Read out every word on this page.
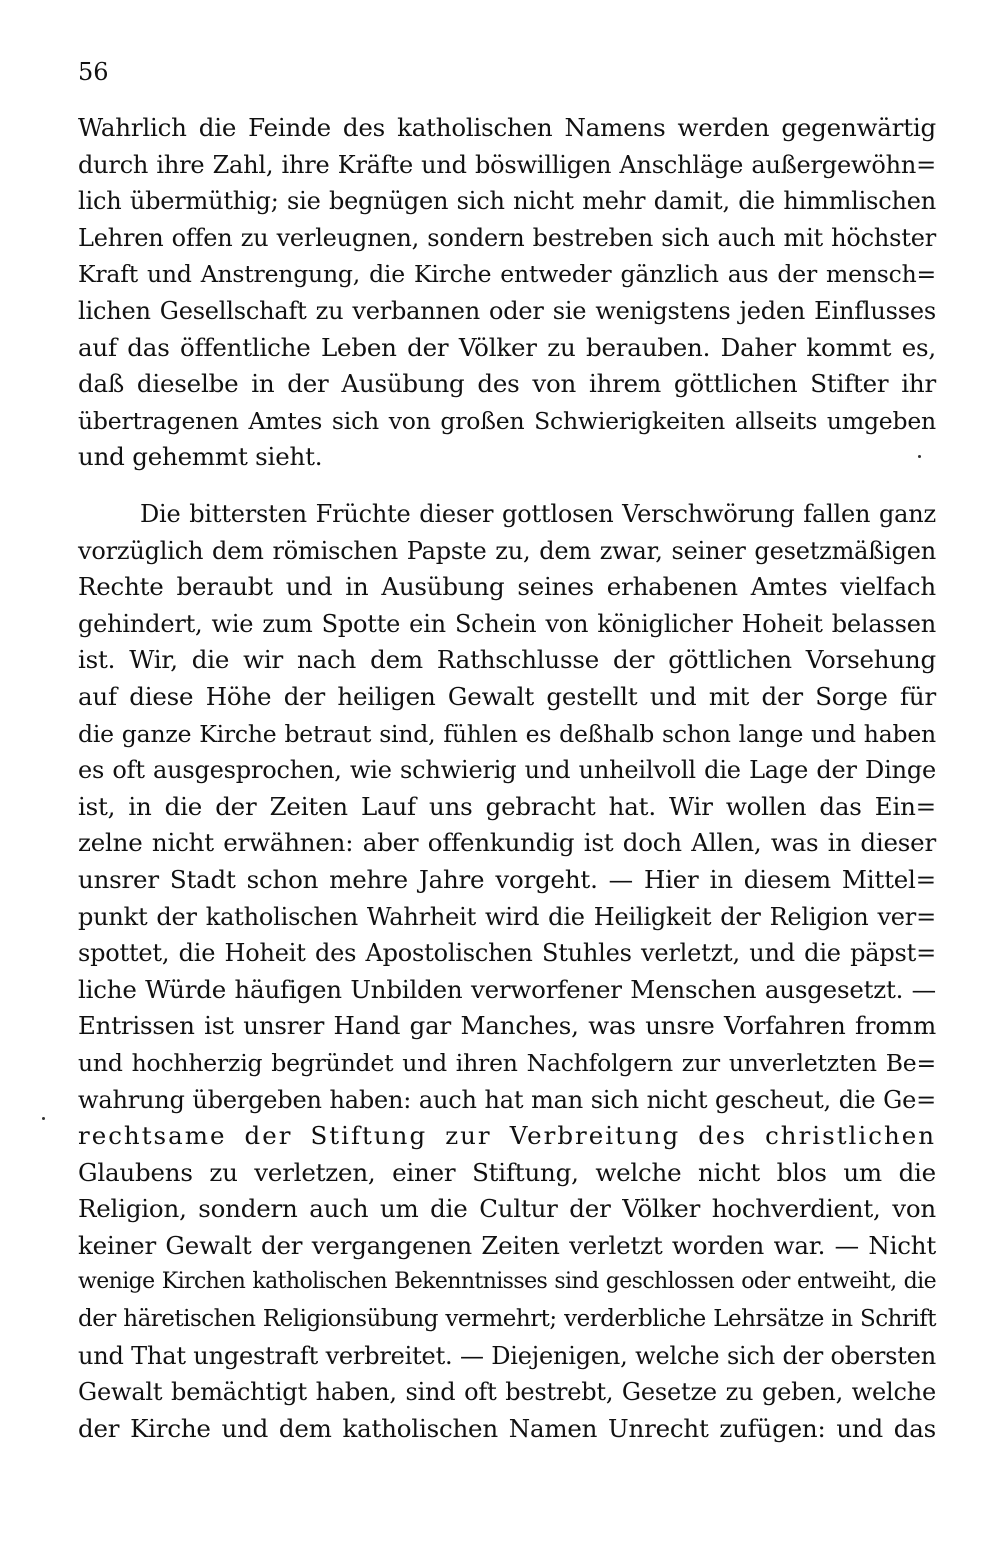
56
Wahrlich die Feinde des katholischen Namens werden gegenwärtig
durch ihre Zahl, ihre Kräfte und böswilligen Anschläge außergewöhn=
lich übermüthig; sie begnügen sich nicht mehr damit, die himmlischen
Lehren offen zu verleugnen, sondern bestreben sich auch mit höchster
Kraft und Anstrengung, die Kirche entweder gänzlich aus der mensch=
lichen Gesellschaft zu verbannen oder sie wenigstens jeden Einflusses
auf das öffentliche Leben der Völker zu berauben. Daher kommt es,
daß dieselbe in der Ausübung des von ihrem göttlichen Stifter ihr
übertragenen Amtes sich von großen Schwierigkeiten allseits umgeben
und gehemmt sieht.
Die bittersten Früchte dieser gottlosen Verschwörung fallen ganz
vorzüglich dem römischen Papste zu, dem zwar, seiner gesetzmäßigen
Rechte beraubt und in Ausübung seines erhabenen Amtes vielfach
gehindert, wie zum Spotte ein Schein von königlicher Hoheit belassen
ist. Wir, die wir nach dem Rathschlusse der göttlichen Vorsehung
auf diese Höhe der heiligen Gewalt gestellt und mit der Sorge für
die ganze Kirche betraut sind, fühlen es deßhalb schon lange und haben
es oft ausgesprochen, wie schwierig und unheilvoll die Lage der Dinge
ist, in die der Zeiten Lauf uns gebracht hat. Wir wollen das Ein=
zelne nicht erwähnen: aber offenkundig ist doch Allen, was in dieser
unsrer Stadt schon mehre Jahre vorgeht. — Hier in diesem Mittel=
punkt der katholischen Wahrheit wird die Heiligkeit der Religion ver=
spottet, die Hoheit des Apostolischen Stuhles verletzt, und die päpst=
liche Würde häufigen Unbilden verworfener Menschen ausgesetzt. —
Entrissen ist unsrer Hand gar Manches, was unsre Vorfahren fromm
und hochherzig begründet und ihren Nachfolgern zur unverletzten Be=
wahrung übergeben haben: auch hat man sich nicht gescheut, die Ge=
rechtsame der Stiftung zur Verbreitung des christlichen
Glaubens zu verletzen, einer Stiftung, welche nicht blos um die
Religion, sondern auch um die Cultur der Völker hochverdient, von
keiner Gewalt der vergangenen Zeiten verletzt worden war. — Nicht
wenige Kirchen katholischen Bekenntnisses sind geschlossen oder entweiht, die
der häretischen Religionsübung vermehrt; verderbliche Lehrsätze in Schrift
und That ungestraft verbreitet. — Diejenigen, welche sich der obersten
Gewalt bemächtigt haben, sind oft bestrebt, Gesetze zu geben, welche
der Kirche und dem katholischen Namen Unrecht zufügen: und das
